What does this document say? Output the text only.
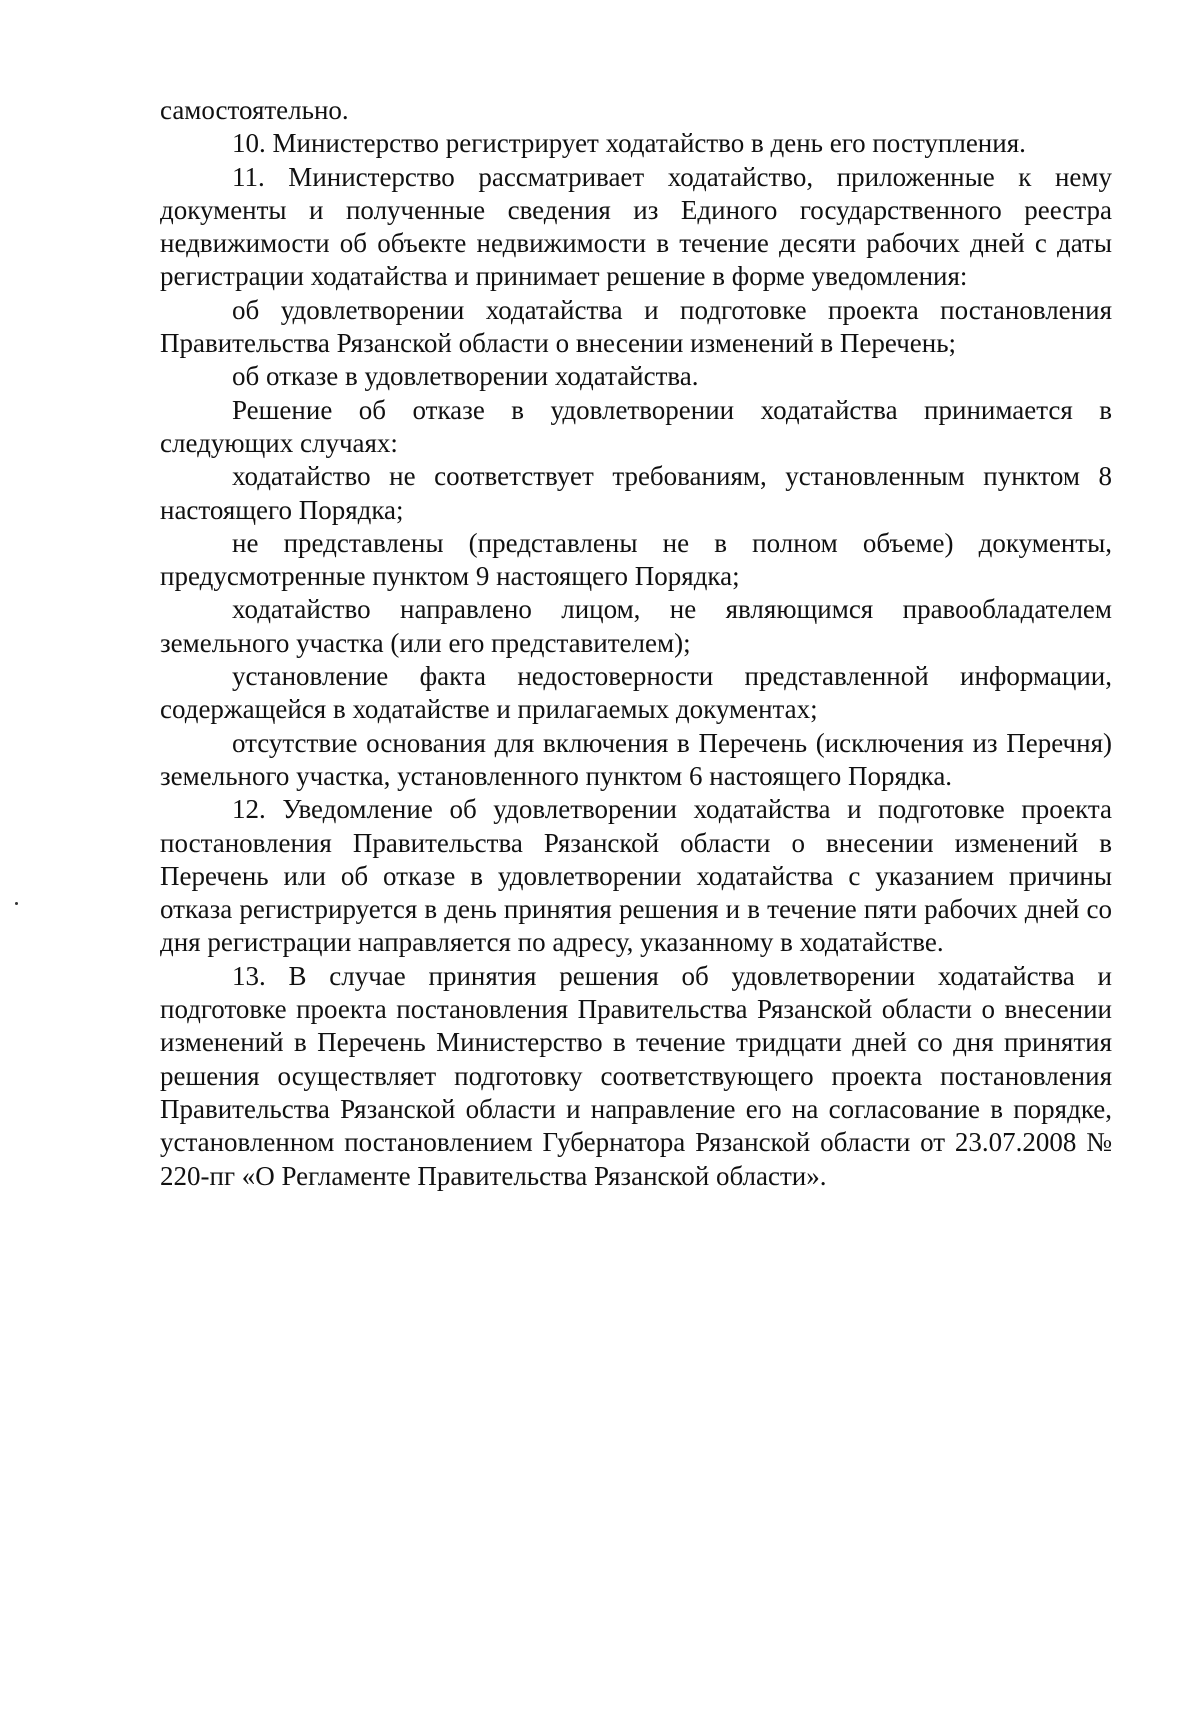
самостоятельно.

10. Министерство регистрирует ходатайство в день его поступления.

11. Министерство рассматривает ходатайство, приложенные к нему документы и полученные сведения из Единого государственного реестра недвижимости об объекте недвижимости в течение десяти рабочих дней с даты регистрации ходатайства и принимает решение в форме уведомления:

об удовлетворении ходатайства и подготовке проекта постановления Правительства Рязанской области о внесении изменений в Перечень;

об отказе в удовлетворении ходатайства.

Решение об отказе в удовлетворении ходатайства принимается в следующих случаях:

ходатайство не соответствует требованиям, установленным пунктом 8 настоящего Порядка;

не представлены (представлены не в полном объеме) документы, предусмотренные пунктом 9 настоящего Порядка;

ходатайство направлено лицом, не являющимся правообладателем земельного участка (или его представителем);

установление факта недостоверности представленной информации, содержащейся в ходатайстве и прилагаемых документах;

отсутствие основания для включения в Перечень (исключения из Перечня) земельного участка, установленного пунктом 6 настоящего Порядка.

12. Уведомление об удовлетворении ходатайства и подготовке проекта постановления Правительства Рязанской области о внесении изменений в Перечень или об отказе в удовлетворении ходатайства с указанием причины отказа регистрируется в день принятия решения и в течение пяти рабочих дней со дня регистрации направляется по адресу, указанному в ходатайстве.

13. В случае принятия решения об удовлетворении ходатайства и подготовке проекта постановления Правительства Рязанской области о внесении изменений в Перечень Министерство в течение тридцати дней со дня принятия решения осуществляет подготовку соответствующего проекта постановления Правительства Рязанской области и направление его на согласование в порядке, установленном постановлением Губернатора Рязанской области от 23.07.2008 № 220-пг «О Регламенте Правительства Рязанской области».
